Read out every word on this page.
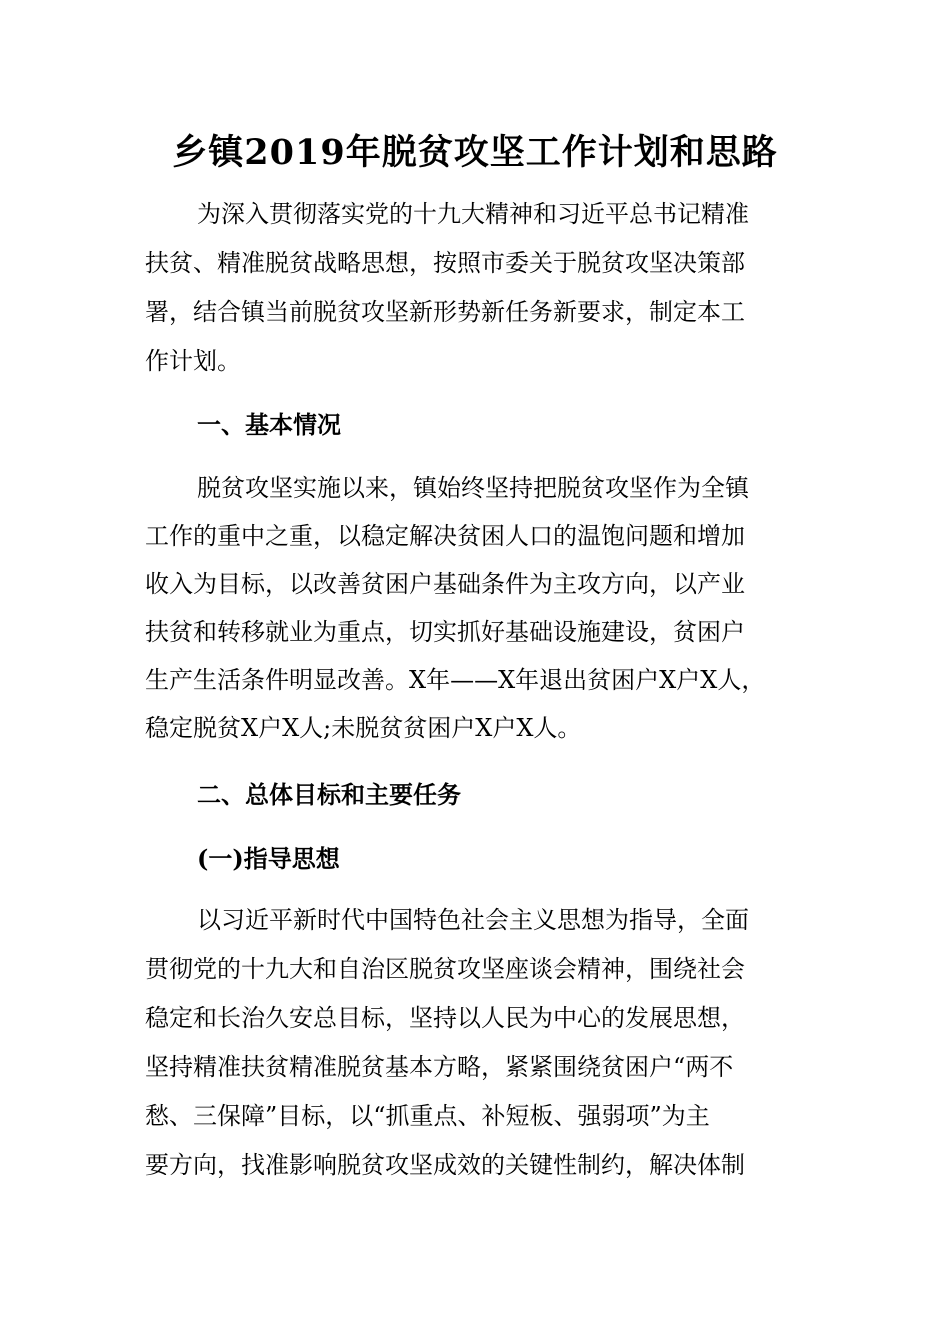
乡镇2019年脱贫攻坚工作计划和思路
为深入贯彻落实党的十九大精神和习近平总书记精准
扶贫、精准脱贫战略思想，按照市委关于脱贫攻坚决策部
署，结合镇当前脱贫攻坚新形势新任务新要求，制定本工
作计划。
一、基本情况
脱贫攻坚实施以来，镇始终坚持把脱贫攻坚作为全镇
工作的重中之重，以稳定解决贫困人口的温饱问题和增加
收入为目标，以改善贫困户基础条件为主攻方向，以产业
扶贫和转移就业为重点，切实抓好基础设施建设，贫困户
生产生活条件明显改善。X年——X年退出贫困户X户X人，
稳定脱贫X户X人;未脱贫贫困户X户X人。
二、总体目标和主要任务
(一)指导思想
以习近平新时代中国特色社会主义思想为指导，全面
贯彻党的十九大和自治区脱贫攻坚座谈会精神，围绕社会
稳定和长治久安总目标，坚持以人民为中心的发展思想，
坚持精准扶贫精准脱贫基本方略，紧紧围绕贫困户“两不
愁、三保障”目标，以“抓重点、补短板、强弱项”为主
要方向，找准影响脱贫攻坚成效的关键性制约，解决体制
